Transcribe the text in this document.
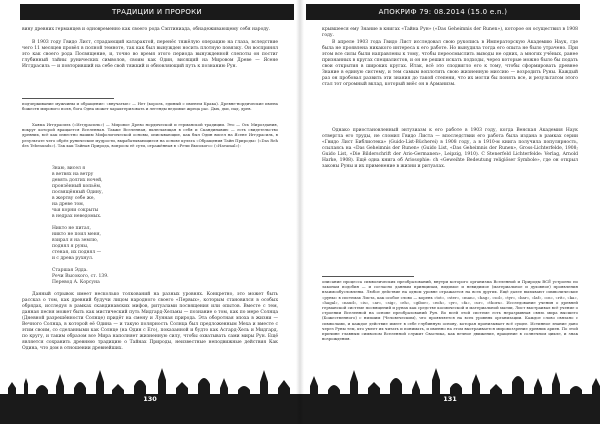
ТРАДИЦИИ И ПРОРОКИ

вину древних германцев и одновременно как своего рода Сэптиниада, обнадеживающему себя народу.

В 1903 году Гвидо Лист, страдающий катарактой, перенёс тяжёлую операцию на глаза, вследствие чего 11 месяцев провёл в полной темноте, так как был вынужден носить плотную повязку. Он воспринял это как своего рода Посвящение, и, точно во время этого периода вынужденной слепоты он постиг глубинный тайны рунических символов, своим как Один, висящий на Мировом Древе — Ясене Иггдрасиль — и повторивший на себе свой тяжкий и обновляющий путь к познанию Рун.

подчеркивание мужчины и обращение: «внучатые» — Нет (король, единый с именем Крака). Древне-нордические имена божеств мирового поля, бога Одна может характеризовать и легенды ведомые жреца рас. Дых, дьи, пад, древ.

Хаяма Иггдрасиль («Иггдрасиль») — Мировое Древо нордической и германской традиции. Это — Ось Мироздания, вокруг которой вращается Вселенная. Также Вселенная, включающая в себя и Скандинавию — есть свидетельство древних, всё как известно нашим Мифологической основы, описывающие, как был Один висел на Ясене Иггдрасиль, в результате чего обрёл рунические мудрости, вырабатывающиеся на основе культа «Обращения Тайн Природы» («Das Reh des Tebenunds»). Так как Тайная Природа, вопросы её сути, отражённая в «Речи Высокого» («Havamal»):

Знаю, висел я

в ветвях на ветру

девять долгих ночей,

пронзённый копьём,

посвящённый Одину,

в жертву себе же,

на древе том,

чьи корни сокрыты

в недрах неведомых.

Никто не питал,

никто не поил меня,

взирал я на землю,

поднял я руны,

стеная, их поднял —

и с древа рухнул.

Старшая Эдда.

Речи Высокого, ст. 139.

Перевод А. Корсуна

Данный отрывок имеет несколько толкований на разных уровнях. Конкретно, это может быть рассказ о том, как древний будучи лицом народного своего «Первых», которым становился в особых обрядах, исследуя в рамках скандинавских мифов, ритуалами посвящения или опытов. Вместе с тем, данная песня может быть как мистический путь Мидгард-Хельмы — познание о том, как по мере Солнца (Дневной разрешённости Солнце) придёт на смену и Лунная природа. Эта оборотная эпоха в жизни — Вечного Солнца, в которой её Одина — и такую полярность Солнца был предложенным Меха и вместе с этим своим, со сделанными как Солнце (на Один с Его), показанной и будто как Асгард-Хель и Мидгард, по кругу, и таким образом все Мира наполняет жизненную силу, чтобы охватывать сами миры Рун. Ещё является сохранить древнюю традицию о Тайнах Природы, неизвестные неподвижные действия Как Одина, что дом в отношении древнейших.

130
АПОКРИФ 79: 08.2014 (15.0 e.n.)

крывшееся ему Знание в книгах «Тайна Рун» («Das Geheimnis der Runen»), которое он осуществил в 1908 году.

В апреле 1903 года Гвидо Лист исследовал свою рукопись в Императорскую Академию Наук, где была не проявлена никакого интереса к его работе. Но вынудила тогда его опыта не было утрачено. При этом все силы были направлены к тому, чтобы переосмыслить выводы не одних, а многих учёных, ранее признанных в кругах специалистов, и он не решил искать подходы, через которые можно было бы подать свои открытия в широких кругах. Итак, всё это сподвигло его к тому, чтобы сформировать древнее Знание в единую систему, и тем самым воплотить свою жизненную миссию — возродить Руны. Каждый раз он пробовал развить эти знания до такой степени, что их могли бы понять все, и результатом этого стал тот огромный вклад, который внёс он в Арманизм.

Однако приостановленный энтузиазм к его работе в 1903 году, когда Венская Академия Наук отвергла его труды, не сломил Гвидо Листа — впоследствии его работа была издана в рамках серии «Гвидо Лист Библиотека» (Guido-List-Bücherei) в 1908 году, а в 1910-м книга получила популярность, ссылаясь на «Das Geheimnis der Runen» (Guido List, «Das Geheimnis der Runen», Gross-Lichterfelde, 1908; Guido List, «Die Bilderschrift der Ario-Germanen», Leipzig, 1910). С Stenerfeld Lichterfelde: Verlag, Arnold Harke, 1908). Ещё одна книга об Ariosophie: ch «Geweihte Bedeutung religiöser Symbole», где он открыл законы Руны и их применение в жизни и ритуалах.

описание процесса символических преобразований, внутри которого организма Вселенной и Природы ВСЁ устроено по законам подобия — и согласно данным принципам, видимое и невидимое (материальное и духовное) проявления взаимообусловлены. Любое действие на одном уровне отражается на всех других. Ещё далее вызывают символические «руны» в системах Листа, как особое слово — корень «tot», «ster», «man», «hag», «sol», «tyr», «bar», «laf», «os», «rit», «ka», «hagal», «naud», «is», «ar», «sig», «eh», «gibor», «eoh», «yr», «fa», «ur», «thorn». Исследование учения о древней германской системе посвящений и рунах как средстве космической и материальной магии, Лист выстраивал всё учение о строении Вселенной на основе преобразований Рун. Во всей этой системе есть неразрывная связь мира высшего (Божественного) с низшим (Человеческим), что проявляется на всех уровнях организации. Каждое слово связано с символами, и каждое действие имеет в себе глубинную основу, которая пронизывает всё сущее. Истинное знание дано через Руны тем, кто умеет их читать и понимать, и именно на этом выстраивается мировоззрение древних ариев. По этой причине главным символом Вселенной служит Свастика, как вечное движение, вращение в солнечном цикле, и знак возрождения.

131
